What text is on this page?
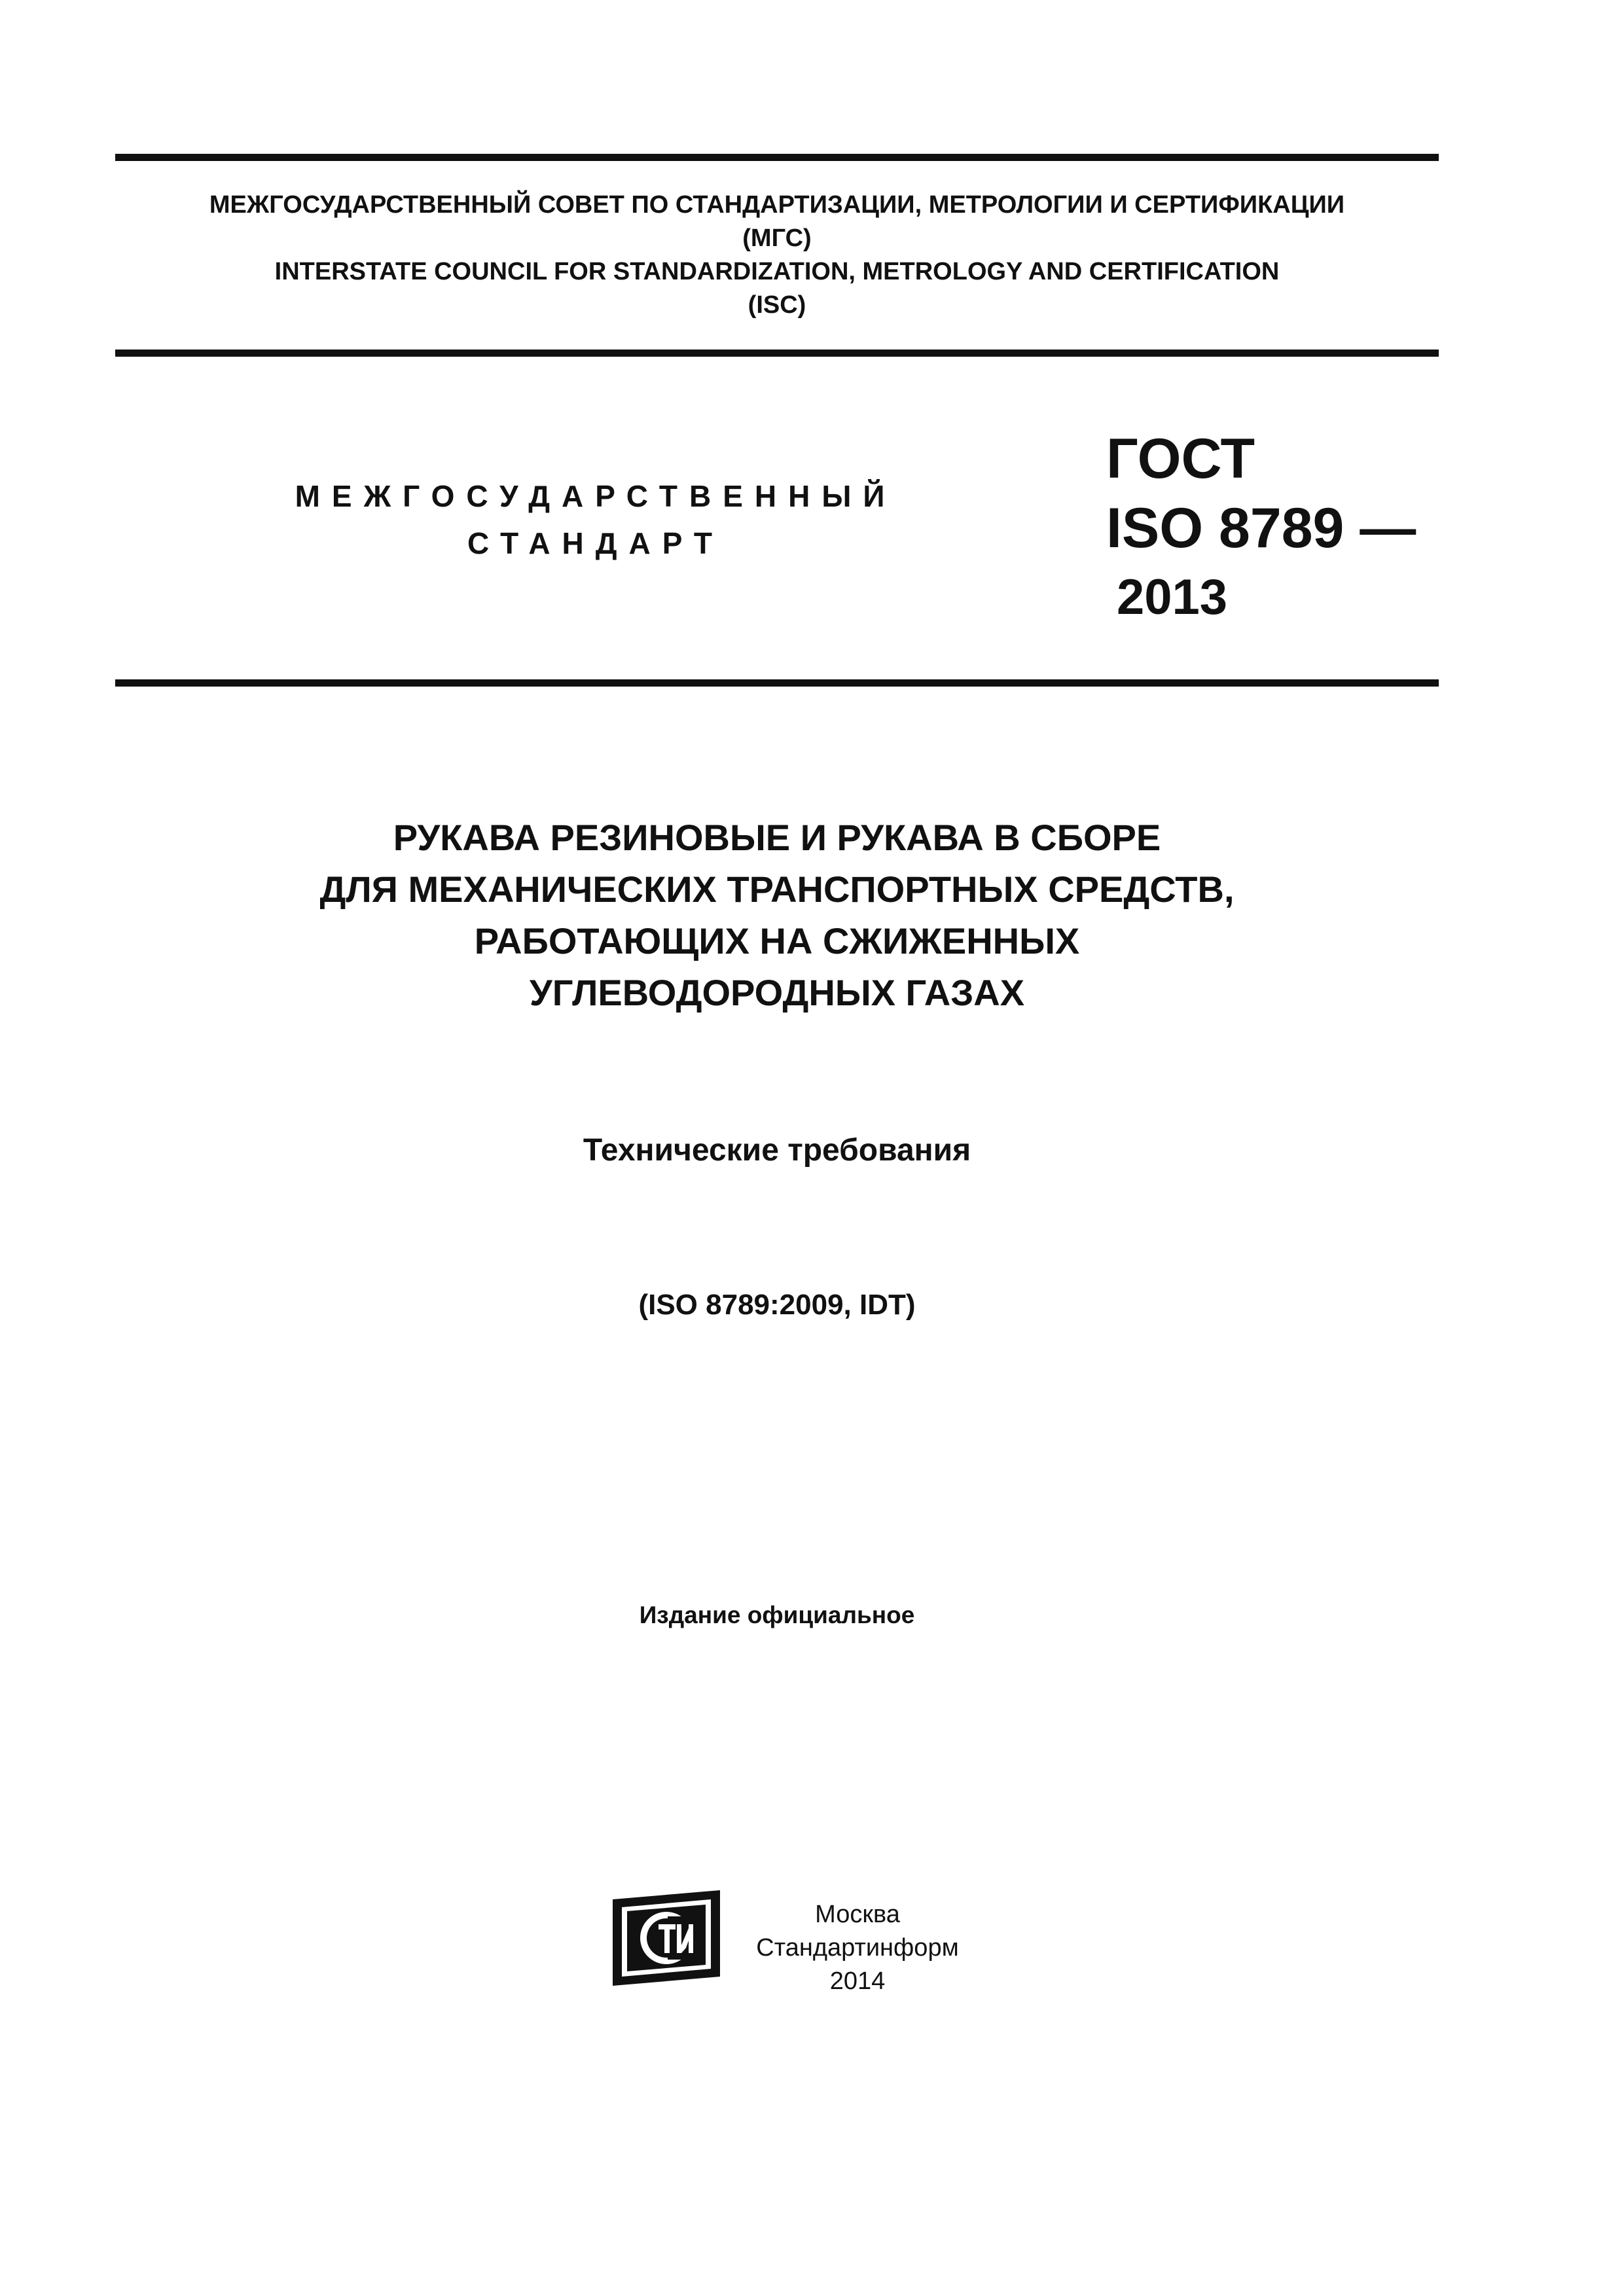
МЕЖГОСУДАРСТВЕННЫЙ СОВЕТ ПО СТАНДАРТИЗАЦИИ, МЕТРОЛОГИИ И СЕРТИФИКАЦИИ
(МГС)
INTERSTATE COUNCIL FOR STANDARDIZATION, METROLOGY AND CERTIFICATION
(ISC)
МЕЖГОСУДАРСТВЕННЫЙ
СТАНДАРТ
ГОСТ
ISO 8789 —
2013
РУКАВА РЕЗИНОВЫЕ И РУКАВА В СБОРЕ
ДЛЯ МЕХАНИЧЕСКИХ ТРАНСПОРТНЫХ СРЕДСТВ,
РАБОТАЮЩИХ НА СЖИЖЕННЫХ
УГЛЕВОДОРОДНЫХ ГАЗАХ
Технические требования
(ISO 8789:2009, IDT)
Издание официальное
Москва
Стандартинформ
2014
